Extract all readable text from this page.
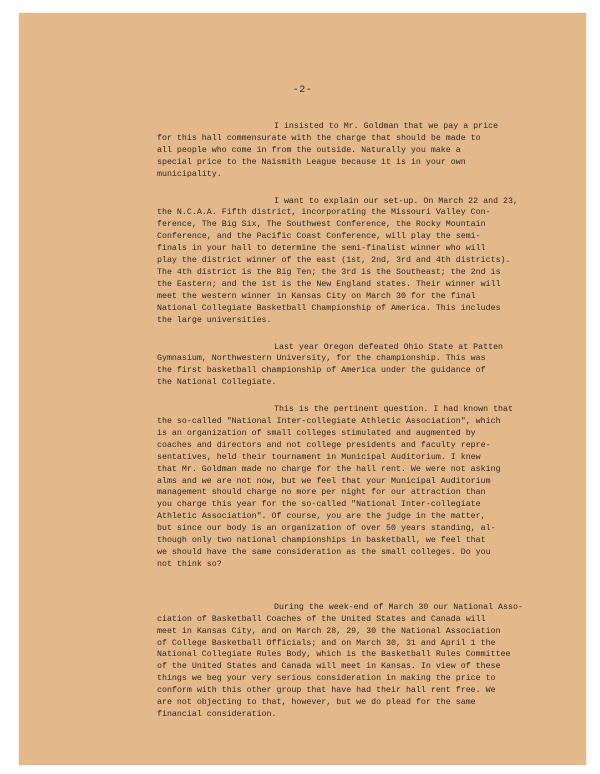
-2-

I insisted to Mr. Goldman that we pay a price
for this hall commensurate with the charge that should be made to
all people who come in from the outside. Naturally you make a
special price to the Naismith League because it is in your own
municipality.

I want to explain our set-up. On March 22 and 23,
the N.C.A.A. Fifth district, incorporating the Missouri Valley Con-
ference, The Big Six, The Southwest Conference, the Rocky Mountain
Conference, and the Pacific Coast Conference, will play the semi-
finals in your hall to determine the semi-finalist winner who will
play the district winner of the east (1st, 2nd, 3rd and 4th districts).
The 4th district is the Big Ten; the 3rd is the Southeast; the 2nd is
the Eastern; and the 1st is the New England states. Their winner will
meet the western winner in Kansas City on March 30 for the final
National Collegiate Basketball Championship of America. This includes
the large universities.

Last year Oregon defeated Ohio State at Patten
Gymnasium, Northwestern University, for the championship. This was
the first basketball championship of America under the guidance of
the National Collegiate.

This is the pertinent question. I had known that
the so-called "National Inter-collegiate Athletic Association", which
is an organization of small colleges stimulated and augmented by
coaches and directors and not college presidents and faculty repre-
sentatives, held their tournament in Municipal Auditorium. I knew
that Mr. Goldman made no charge for the hall rent. We were not asking
alms and we are not now, but we feel that your Municipal Auditorium
management should charge no more per night for our attraction than
you charge this year for the so-called "National Inter-collegiate
Athletic Association". Of course, you are the judge in the matter,
but since our body is an organization of over 50 years standing, al-
though only two national championships in basketball, we feel that
we should have the same consideration as the small colleges. Do you
not think so?

During the week-end of March 30 our National Asso-
ciation of Basketball Coaches of the United States and Canada will
meet in Kansas City, and on March 28, 29, 30 the National Association
of College Basketball Officials; and on March 30, 31 and April 1 the
National Collegiate Rules Body, which is the Basketball Rules Committee
of the United States and Canada will meet in Kansas. In view of these
things we beg your very serious consideration in making the price to
conform with this other group that have had their hall rent free. We
are not objecting to that, however, but we do plead for the same
financial consideration.
